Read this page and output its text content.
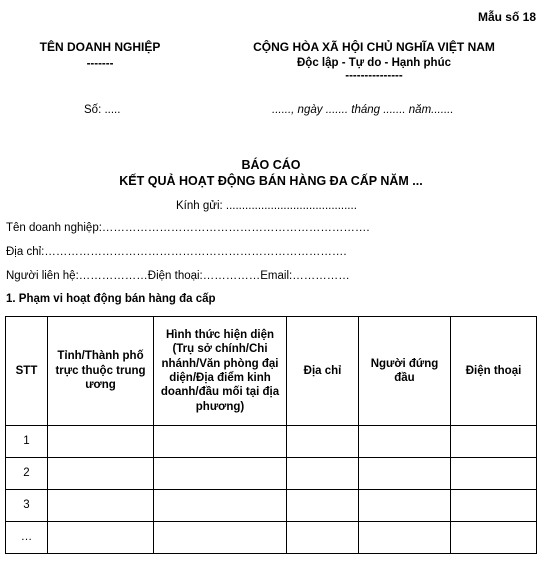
Mẫu số 18
TÊN DOANH NGHIỆP
-------
CỘNG HÒA XÃ HỘI CHỦ NGHĨA VIỆT NAM
Độc lập - Tự do - Hạnh phúc
---------------
Số: .....	......, ngày ....... tháng ....... năm.......
BÁO CÁO
KẾT QUẢ HOẠT ĐỘNG BÁN HÀNG ĐA CẤP NĂM ...
Kính gửi: .........................................
Tên doanh nghiệp:…………………………………………………………….
Địa chỉ:…………………………………………………………………….
Người liên hệ:………………Điện thoại:……………Email:……………
1. Phạm vi hoạt động bán hàng đa cấp
STT	Tỉnh/Thành phố trực thuộc trung ương	Hình thức hiện diện (Trụ sở chính/Chi nhánh/Văn phòng đại diện/Địa điểm kinh doanh/đầu mối tại địa phương)	Địa chỉ	Người đứng đầu	Điện thoại
1					
2					
3					
…					
